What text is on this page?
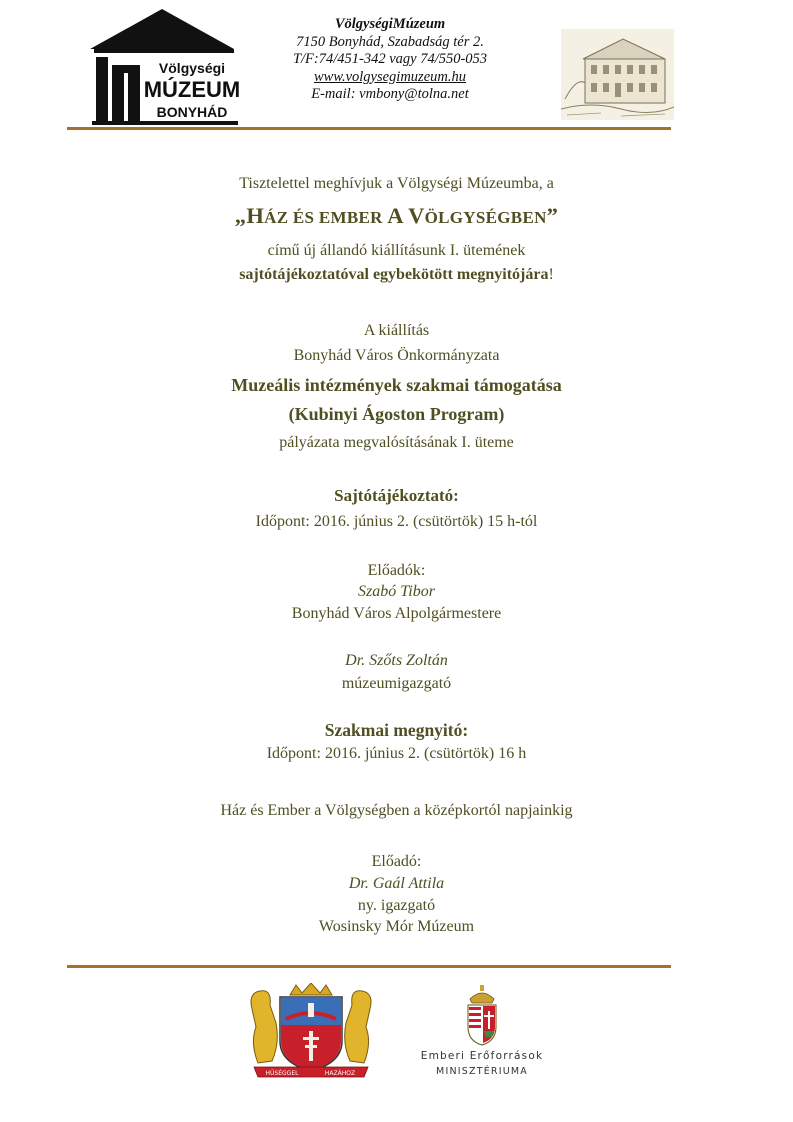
Völgységi
MÚZEUM
BONYHÁD
VölgységiMúzeum
7150 Bonyhád, Szabadság tér 2.
T/F:74/451-342 vagy 74/550-053
www.volgysegimuzeum.hu
E-mail: vmbony@tolna.net
Tisztelettel meghívjuk a Völgységi Múzeumba, a
„HÁZ ÉS EMBER A VÖLGYSÉGBEN”
című új állandó kiállításunk I. ütemének
sajtótájékoztatóval egybekötött megnyitójára!
A kiállítás
Bonyhád Város Önkormányzata
Muzeális intézmények szakmai támogatása
(Kubinyi Ágoston Program)
pályázata megvalósításának I. üteme
Sajtótájékoztató:
Időpont: 2016. június 2. (csütörtök) 15 h-tól
Előadók:
Szabó Tibor
Bonyhád Város Alpolgármestere
Dr. Szőts Zoltán
múzeumigazgató
Szakmai megnyitó:
Időpont: 2016. június 2. (csütörtök) 16 h
Ház és Ember a Völgységben a középkortól napjainkig
Előadó:
Dr. Gaál Attila
ny. igazgató
Wosinsky Mór Múzeum
HŰSÉGGEL	HAZÁHOZ
Emberi Erőforrások
MINISZTÉRIUMA
